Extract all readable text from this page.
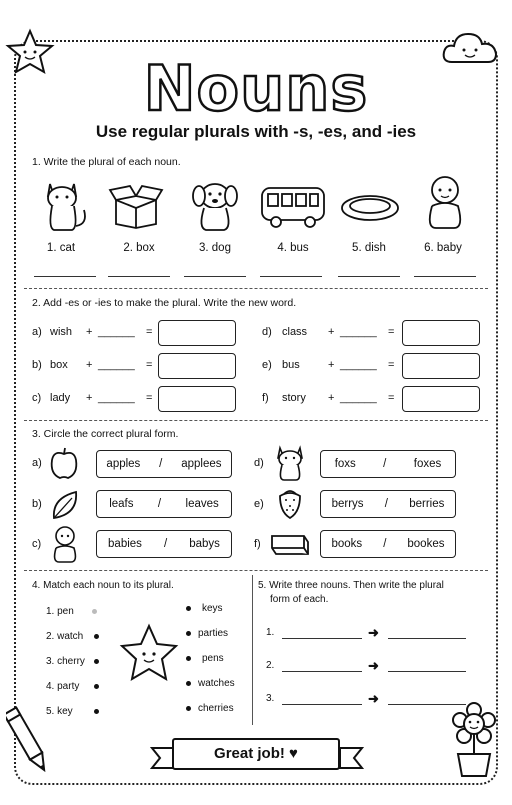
Nouns
Use regular plurals with -s, -es, and -ies
1. Write the plural of each noun.
1. cat	2. box	3. dog	4. bus	5. dish	6. baby
2. Add -es or -ies to make the plural. Write the new word.
a) wish + ______ =
b) box + ______ =
c) lady + ______ =
d) class + ______ =
e) bus	+ ______ =
f) story + ______ =
3. Circle the correct plural form.
a)	apples / applees
b)	leafs / leaves
c)	babies / babys
d)	foxs / foxes
e)	berrys / berries
f)	books / bookes
4. Match each noun to its plural.
1. pen
2. watch
3. cherry
4. party
5. key
keys
parties
pens
watches
cherries
5. Write three nouns. Then write the plural
form of each.
1.	➜
2.	➜
3.	➜
Great job! ♥
